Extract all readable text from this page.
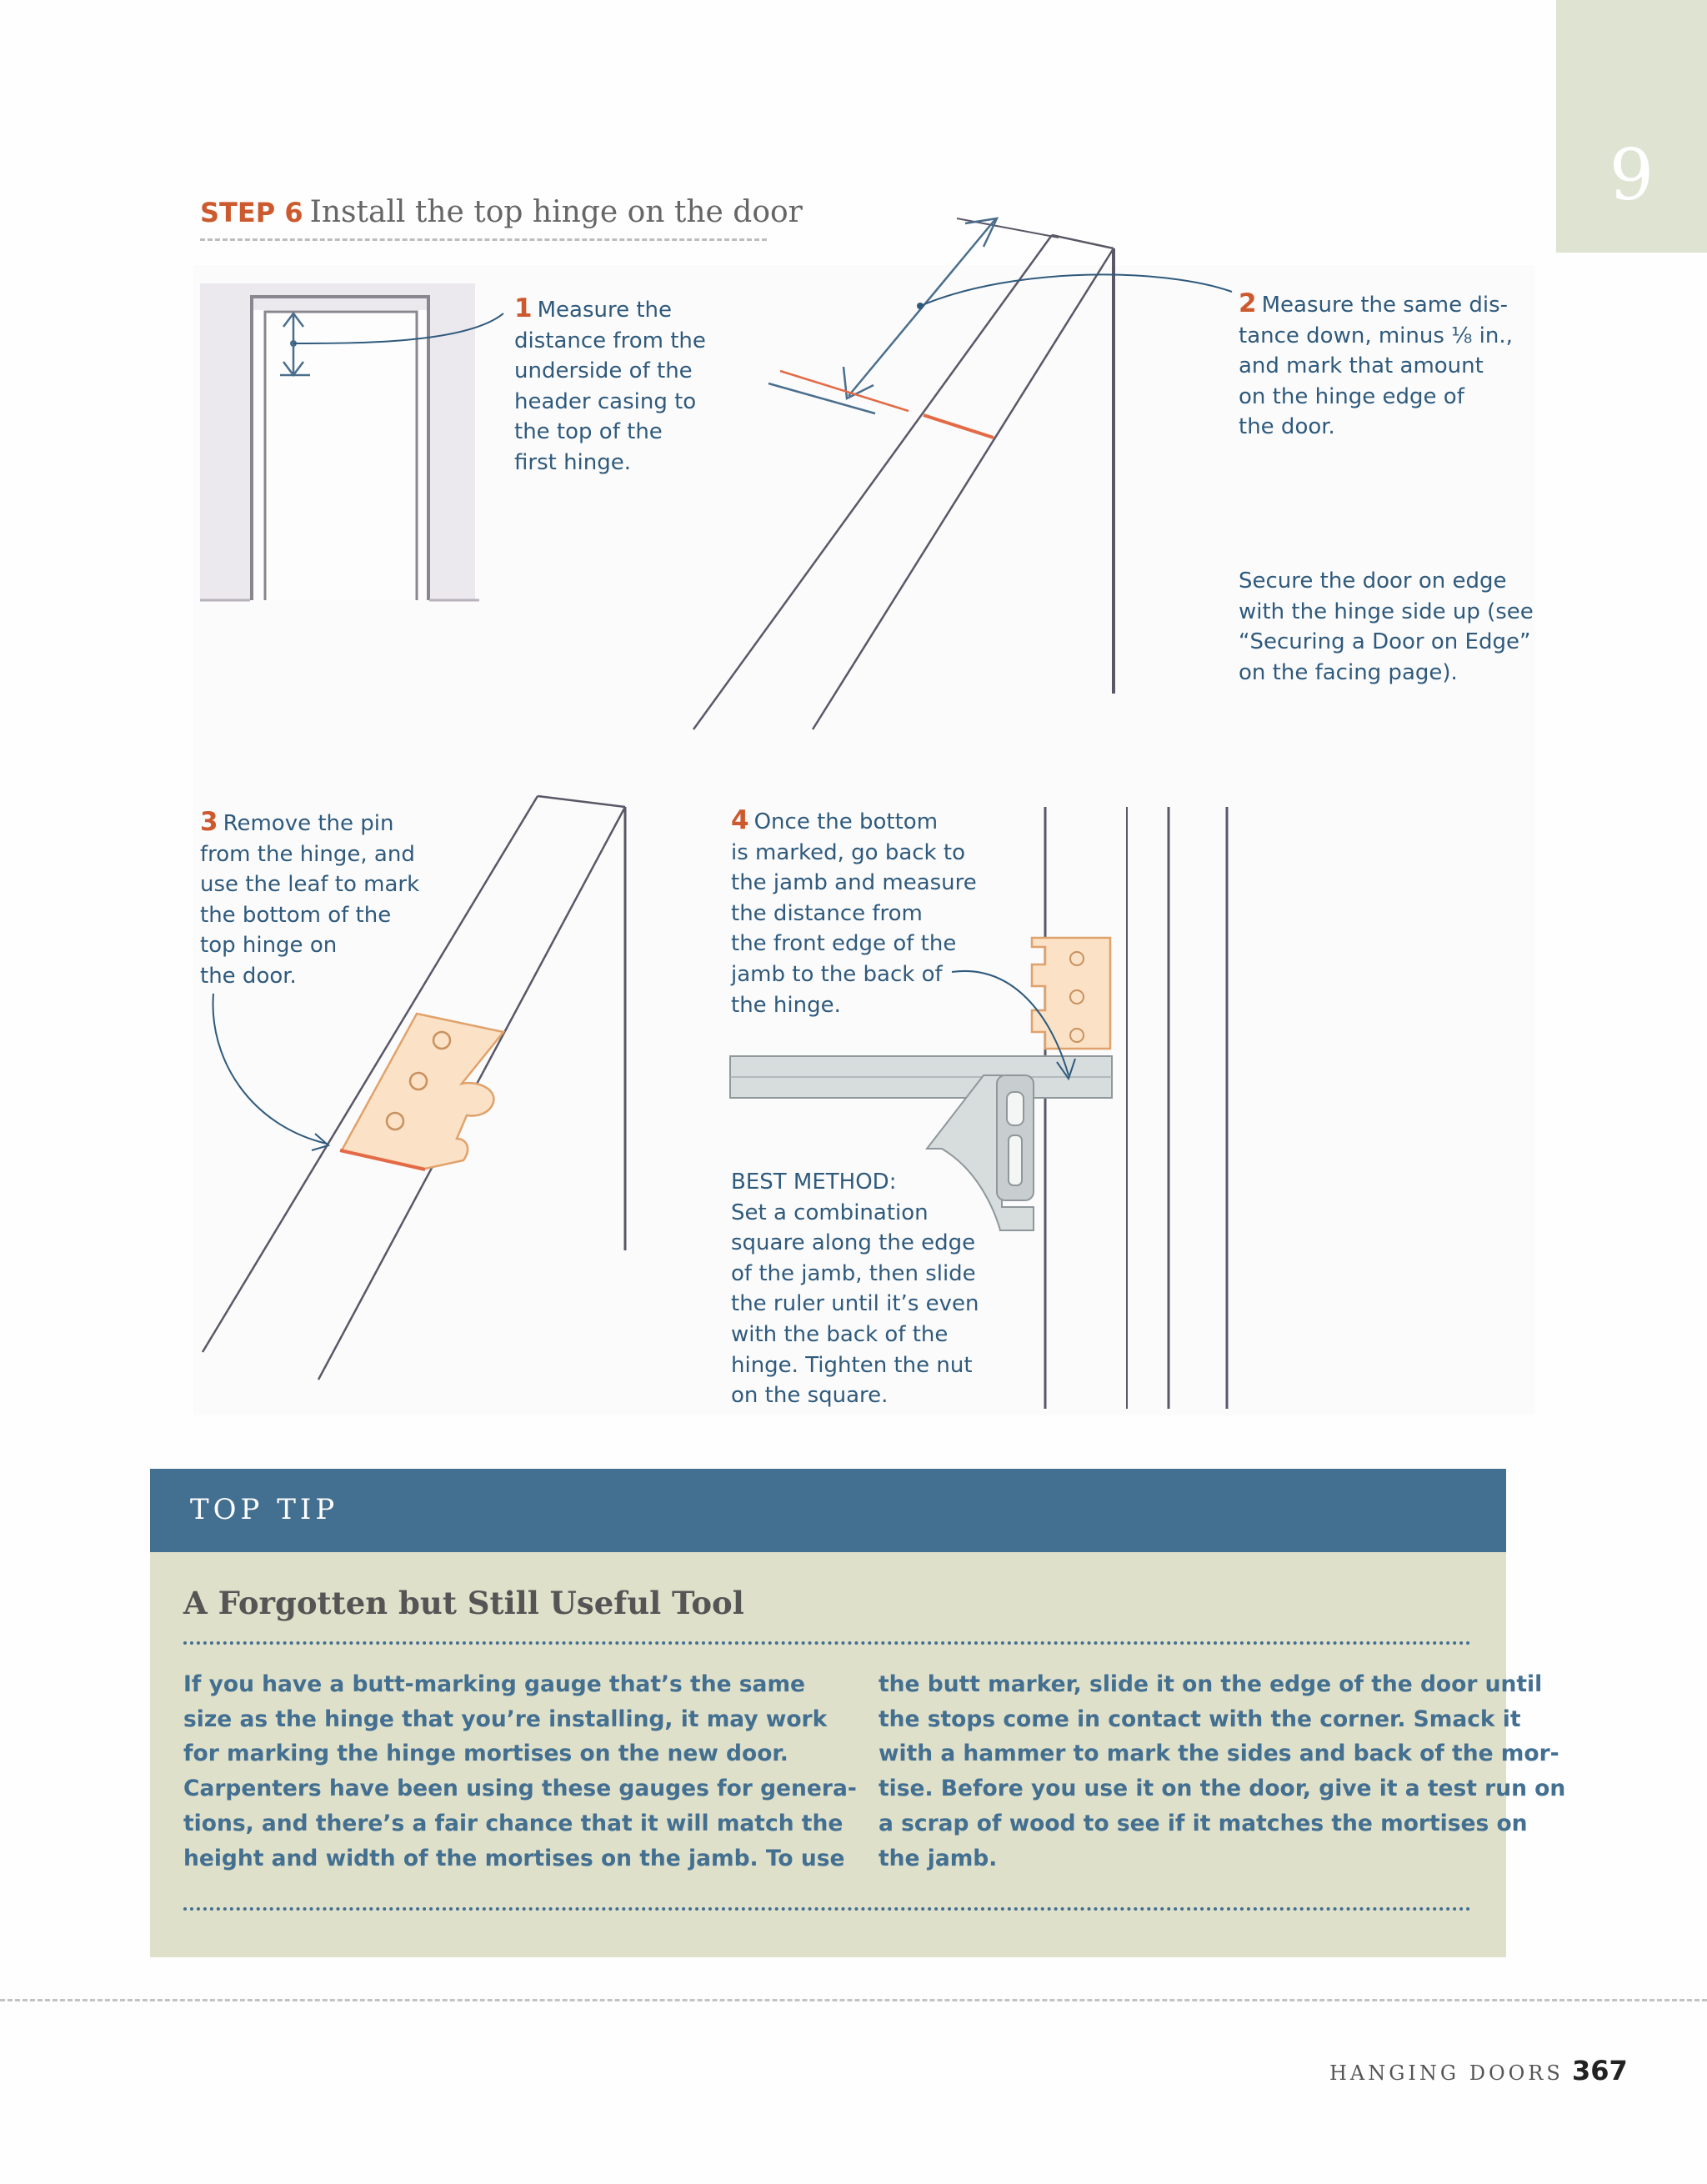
9
STEP 6 Install the top hinge on the door
1 Measure the
distance from the
underside of the
header casing to
the top of the
first hinge.
2 Measure the same dis-
tance down, minus ⅛ in.,
and mark that amount
on the hinge edge of
the door.
Secure the door on edge
with the hinge side up (see
“Securing a Door on Edge”
on the facing page).
3 Remove the pin
from the hinge, and
use the leaf to mark
the bottom of the
top hinge on
the door.
4 Once the bottom
is marked, go back to
the jamb and measure
the distance from
the front edge of the
jamb to the back of
the hinge.
BEST METHOD:
Set a combination
square along the edge
of the jamb, then slide
the ruler until it’s even
with the back of the
hinge. Tighten the nut
on the square.
TOP TIP
A Forgotten but Still Useful Tool
If you have a butt-marking gauge that’s the same
size as the hinge that you’re installing, it may work
for marking the hinge mortises on the new door.
Carpenters have been using these gauges for genera-
tions, and there’s a fair chance that it will match the
height and width of the mortises on the jamb. To use
the butt marker, slide it on the edge of the door until
the stops come in contact with the corner. Smack it
with a hammer to mark the sides and back of the mor-
tise. Before you use it on the door, give it a test run on
a scrap of wood to see if it matches the mortises on
the jamb.
HANGING DOORS 367
